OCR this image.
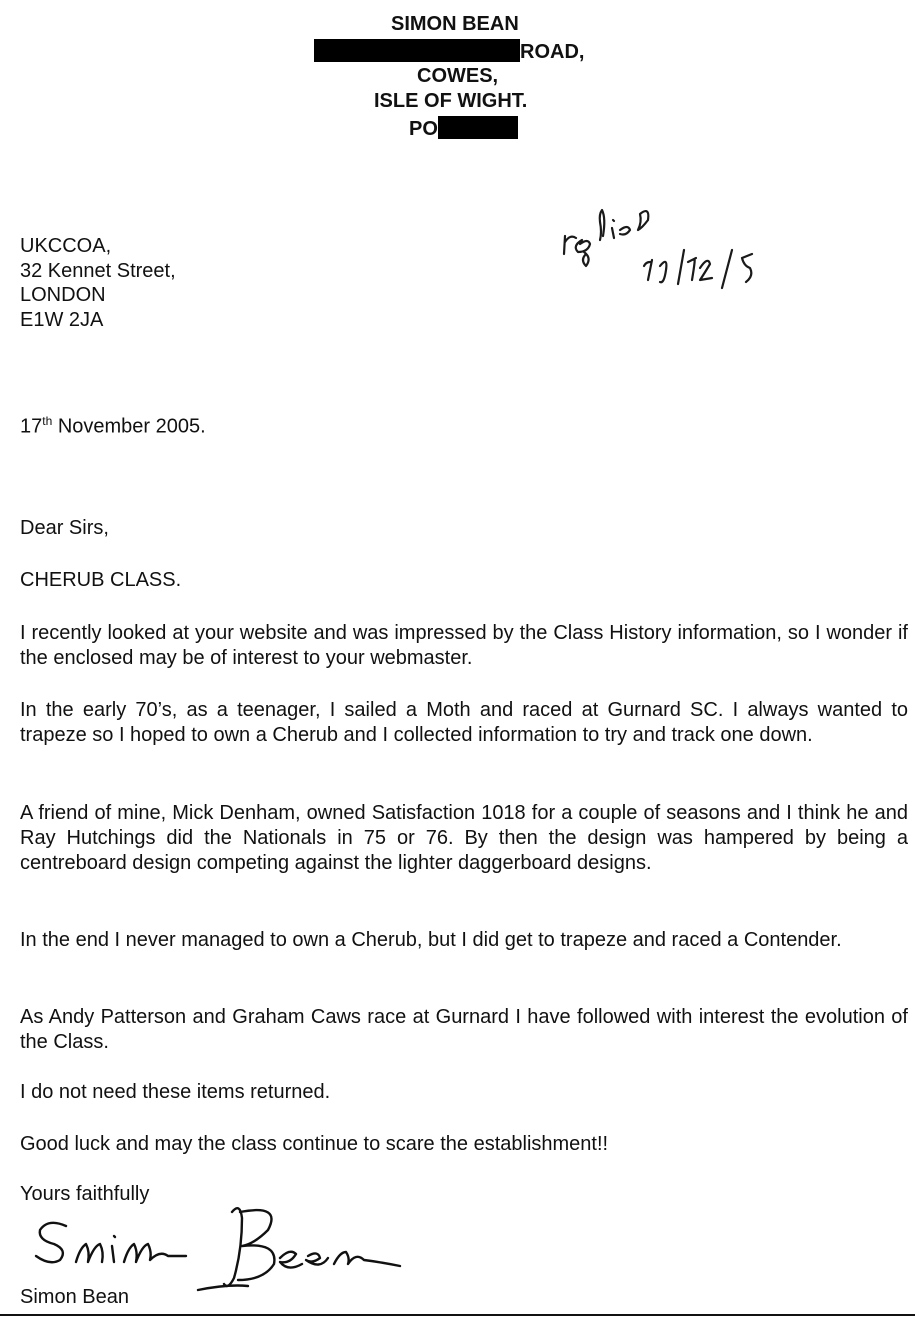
SIMON BEAN
ROAD,
COWES,
ISLE OF WIGHT.
PO
UKCCOA,
32 Kennet Street,
LONDON
E1W 2JA
17th November 2005.
Dear Sirs,
CHERUB CLASS.
I recently looked at your website and was impressed by the Class History information, so I wonder if the enclosed may be of interest to your webmaster.
In the early 70’s, as a teenager, I sailed a Moth and raced at Gurnard SC. I always wanted to trapeze so I hoped to own a Cherub and I collected information to try and track one down.
A friend of mine, Mick Denham, owned Satisfaction 1018 for a couple of seasons and I think he and Ray Hutchings did the Nationals in 75 or 76. By then the design was hampered by being a centreboard design competing against the lighter daggerboard designs.
In the end I never managed to own a Cherub, but I did get to trapeze and raced a Contender.
As Andy Patterson and Graham Caws race at Gurnard I have followed with interest the evolution of the Class.
I do not need these items returned.
Good luck and may the class continue to scare the establishment!!
Yours faithfully
Simon Bean
